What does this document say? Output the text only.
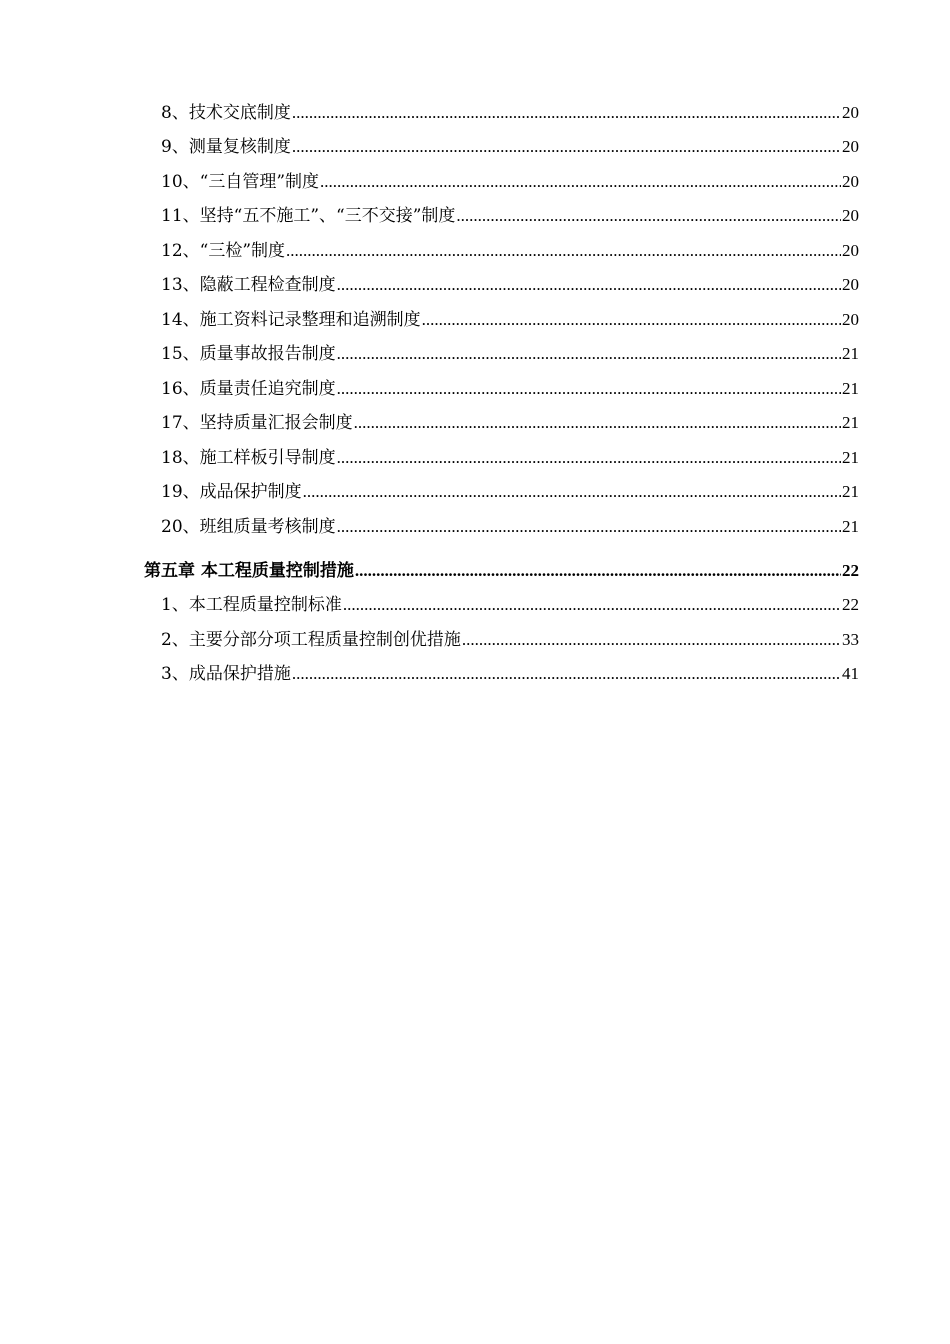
8、技术交底制度 .....	20
9、测量复核制度 .....	20
10、“三自管理”制度 .....	20
11、坚持“五不施工”、“三不交接”制度 .....	20
12、“三检”制度 .....	20
13、隐蔽工程检查制度 .....	20
14、施工资料记录整理和追溯制度 .....	20
15、质量事故报告制度 .....	21
16、质量责任追究制度 .....	21
17、坚持质量汇报会制度 .....	21
18、施工样板引导制度 .....	21
19、成品保护制度 .....	21
20、班组质量考核制度 .....	21
第五章 本工程质量控制措施 .....	22
1、本工程质量控制标准 .....	22
2、主要分部分项工程质量控制创优措施 .....	33
3、成品保护措施 .....	41
